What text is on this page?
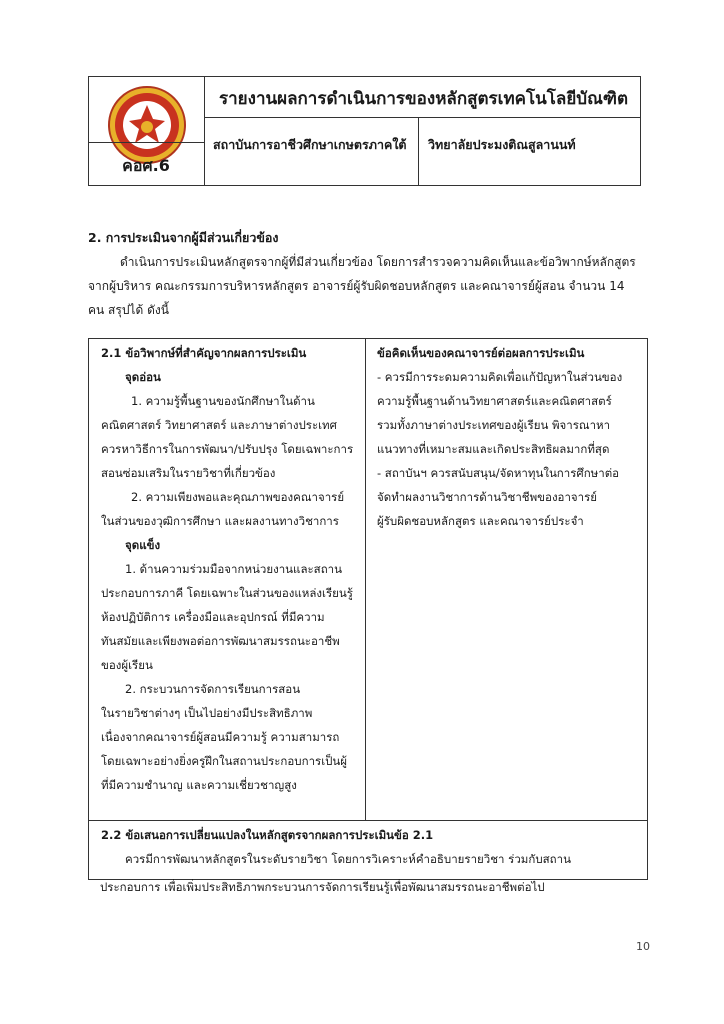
รายงานผลการดำเนินการของหลักสูตรเทคโนโลยีบัณฑิต
สถาบันการอาชีวศึกษาเกษตรภาคใต้ วิทยาลัยประมงติณสูลานนท์
คอศ.6
2. การประเมินจากผู้มีส่วนเกี่ยวข้อง
ดำเนินการประเมินหลักสูตรจากผู้ที่มีส่วนเกี่ยวข้อง โดยการสำรวจความคิดเห็นและข้อวิพากษ์หลักสูตร
จากผู้บริหาร คณะกรรมการบริหารหลักสูตร อาจารย์ผู้รับผิดชอบหลักสูตร และคณาจารย์ผู้สอน จำนวน 14
คน สรุปได้ ดังนี้
2.1 ข้อวิพากษ์ที่สำคัญจากผลการประเมิน	ข้อคิดเห็นของคณาจารย์ต่อผลการประเมิน
จุดอ่อน
1. ความรู้พื้นฐานของนักศึกษาในด้าน
คณิตศาสตร์ วิทยาศาสตร์ และภาษาต่างประเทศ
ควรหาวิธีการในการพัฒนา/ปรับปรุง โดยเฉพาะการ
สอนซ่อมเสริมในรายวิชาที่เกี่ยวข้อง
2. ความเพียงพอและคุณภาพของคณาจารย์
ในส่วนของวุฒิการศึกษา และผลงานทางวิชาการ
จุดแข็ง
1. ด้านความร่วมมือจากหน่วยงานและสถาน
ประกอบการภาคี โดยเฉพาะในส่วนของแหล่งเรียนรู้
ห้องปฏิบัติการ เครื่องมือและอุปกรณ์ ที่มีความ
ทันสมัยและเพียงพอต่อการพัฒนาสมรรถนะอาชีพ
ของผู้เรียน
2. กระบวนการจัดการเรียนการสอน
ในรายวิชาต่างๆ เป็นไปอย่างมีประสิทธิภาพ
เนื่องจากคณาจารย์ผู้สอนมีความรู้ ความสามารถ
โดยเฉพาะอย่างยิ่งครูฝึกในสถานประกอบการเป็นผู้
ที่มีความชำนาญ และความเชี่ยวชาญสูง
- ควรมีการระดมความคิดเพื่อแก้ปัญหาในส่วนของ
ความรู้พื้นฐานด้านวิทยาศาสตร์และคณิตศาสตร์
รวมทั้งภาษาต่างประเทศของผู้เรียน พิจารณาหา
แนวทางที่เหมาะสมและเกิดประสิทธิผลมากที่สุด
- สถาบันฯ ควรสนับสนุน/จัดหาทุนในการศึกษาต่อ
จัดทำผลงานวิชาการด้านวิชาชีพของอาจารย์
ผู้รับผิดชอบหลักสูตร และคณาจารย์ประจำ
2.2 ข้อเสนอการเปลี่ยนแปลงในหลักสูตรจากผลการประเมินข้อ 2.1
ควรมีการพัฒนาหลักสูตรในระดับรายวิชา โดยการวิเคราะห์คำอธิบายรายวิชา ร่วมกับสถาน
ประกอบการ เพื่อเพิ่มประสิทธิภาพกระบวนการจัดการเรียนรู้เพื่อพัฒนาสมรรถนะอาชีพต่อไป
10
